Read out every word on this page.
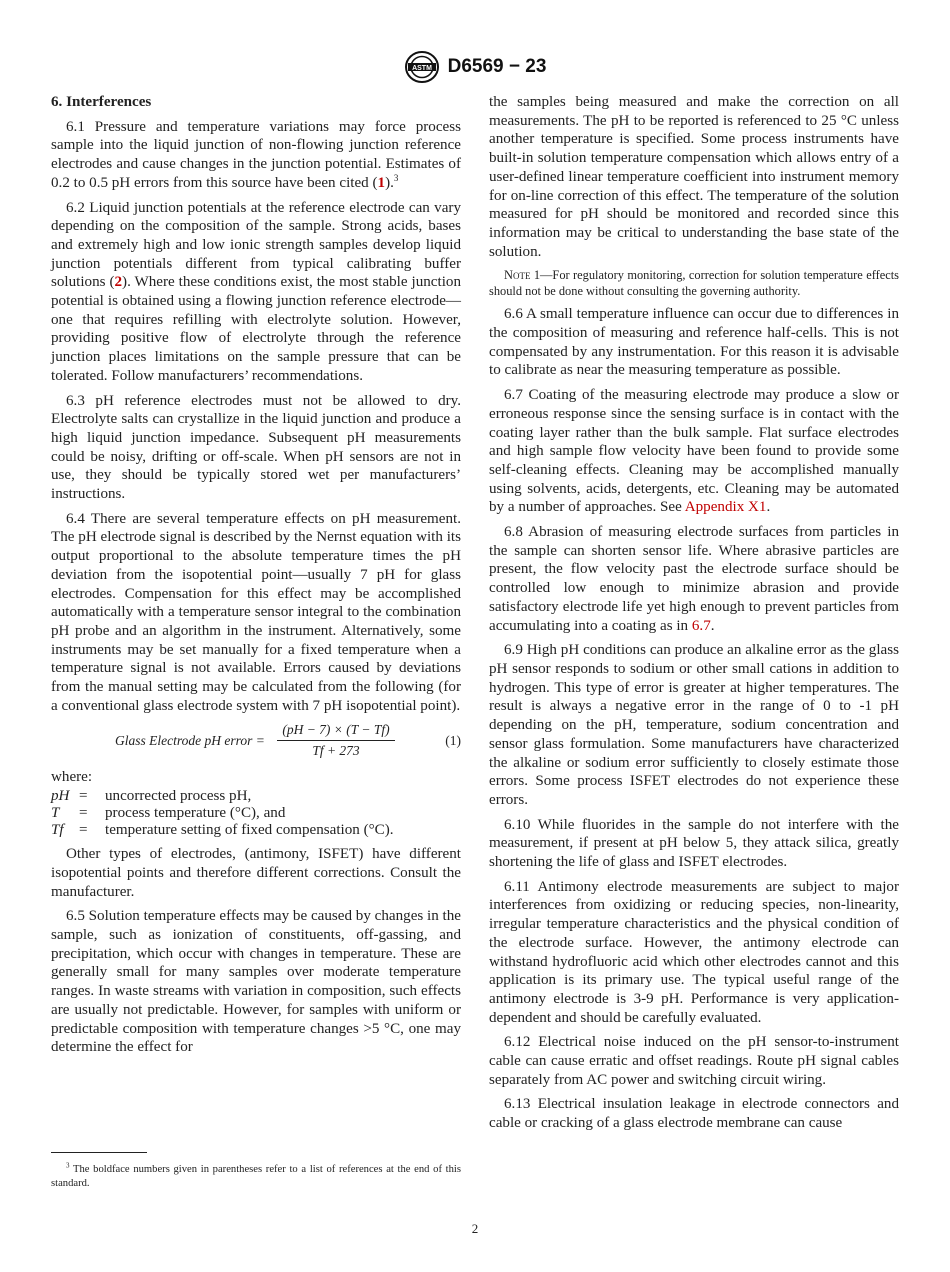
ASTM D6569 − 23
6. Interferences

6.1 Pressure and temperature variations may force process sample into the liquid junction of non-flowing junction reference electrodes and cause changes in the junction potential. Estimates of 0.2 to 0.5 pH errors from this source have been cited (1).$^3$

6.2 Liquid junction potentials at the reference electrode can vary depending on the composition of the sample. Strong acids, bases and extremely high and low ionic strength samples develop liquid junction potentials different from typical calibrating buffer solutions (2). Where these conditions exist, the most stable junction potential is obtained using a flowing junction reference electrode—one that requires refilling with electrolyte solution. However, providing positive flow of electrolyte through the reference junction places limitations on the sample pressure that can be tolerated. Follow manufacturers’ recommendations.

6.3 pH reference electrodes must not be allowed to dry. Electrolyte salts can crystallize in the liquid junction and produce a high liquid junction impedance. Subsequent pH measurements could be noisy, drifting or off-scale. When pH sensors are not in use, they should be typically stored wet per manufacturers’ instructions.

6.4 There are several temperature effects on pH measurement. The pH electrode signal is described by the Nernst equation with its output proportional to the absolute temperature times the pH deviation from the isopotential point—usually 7 pH for glass electrodes. Compensation for this effect may be accomplished automatically with a temperature sensor integral to the combination pH probe and an algorithm in the instrument. Alternatively, some instruments may be set manually for a fixed temperature when a temperature signal is not available. Errors caused by deviations from the manual setting may be calculated from the following (for a conventional glass electrode system with 7 pH isopotential point).

Glass Electrode pH error = $\frac{(pH - 7) \times (T - Tf)}{Tf + 273}$	(1)

where:

pH =	uncorrected process pH,
T	=	process temperature (°C), and
Tf	=	temperature setting of fixed compensation (°C).

Other types of electrodes, (antimony, ISFET) have different isopotential points and therefore different corrections. Consult the manufacturer.

6.5 Solution temperature effects may be caused by changes in the sample, such as ionization of constituents, off-gassing, and precipitation, which occur with changes in temperature. These are generally small for many samples over moderate temperature ranges. In waste streams with variation in composition, such effects are usually not predictable. However, for samples with uniform or predictable composition with temperature changes >5 °C, one may determine the effect for

the samples being measured and make the correction on all measurements. The pH to be reported is referenced to 25 °C unless another temperature is specified. Some process instruments have built-in solution temperature compensation which allows entry of a user-defined linear temperature coefficient into instrument memory for on-line correction of this effect. The temperature of the solution measured for pH should be monitored and recorded since this information may be critical to understanding the base state of the solution.

Note 1—For regulatory monitoring, correction for solution temperature effects should not be done without consulting the governing authority.

6.6 A small temperature influence can occur due to differences in the composition of measuring and reference half-cells. This is not compensated by any instrumentation. For this reason it is advisable to calibrate as near the measuring temperature as possible.

6.7 Coating of the measuring electrode may produce a slow or erroneous response since the sensing surface is in contact with the coating layer rather than the bulk sample. Flat surface electrodes and high sample flow velocity have been found to provide some self-cleaning effects. Cleaning may be accomplished manually using solvents, acids, detergents, etc. Cleaning may be automated by a number of approaches. See Appendix X1.

6.8 Abrasion of measuring electrode surfaces from particles in the sample can shorten sensor life. Where abrasive particles are present, the flow velocity past the electrode surface should be controlled low enough to minimize abrasion and provide satisfactory electrode life yet high enough to prevent particles from accumulating into a coating as in 6.7.

6.9 High pH conditions can produce an alkaline error as the glass pH sensor responds to sodium or other small cations in addition to hydrogen. This type of error is greater at higher temperatures. The result is always a negative error in the range of 0 to -1 pH depending on the pH, temperature, sodium concentration and sensor glass formulation. Some manufacturers have characterized the alkaline or sodium error sufficiently to closely estimate those errors. Some process ISFET electrodes do not experience these errors.

6.10 While fluorides in the sample do not interfere with the measurement, if present at pH below 5, they attack silica, greatly shortening the life of glass and ISFET electrodes.

6.11 Antimony electrode measurements are subject to major interferences from oxidizing or reducing species, non-linearity, irregular temperature characteristics and the physical condition of the electrode surface. However, the antimony electrode can withstand hydrofluoric acid which other electrodes cannot and this application is its primary use. The typical useful range of the antimony electrode is 3-9 pH. Performance is very application-dependent and should be carefully evaluated.

6.12 Electrical noise induced on the pH sensor-to-instrument cable can cause erratic and offset readings. Route pH signal cables separately from AC power and switching circuit wiring.

6.13 Electrical insulation leakage in electrode connectors and cable or cracking of a glass electrode membrane can cause

$^3$ The boldface numbers given in parentheses refer to a list of references at the end of this standard.
2
